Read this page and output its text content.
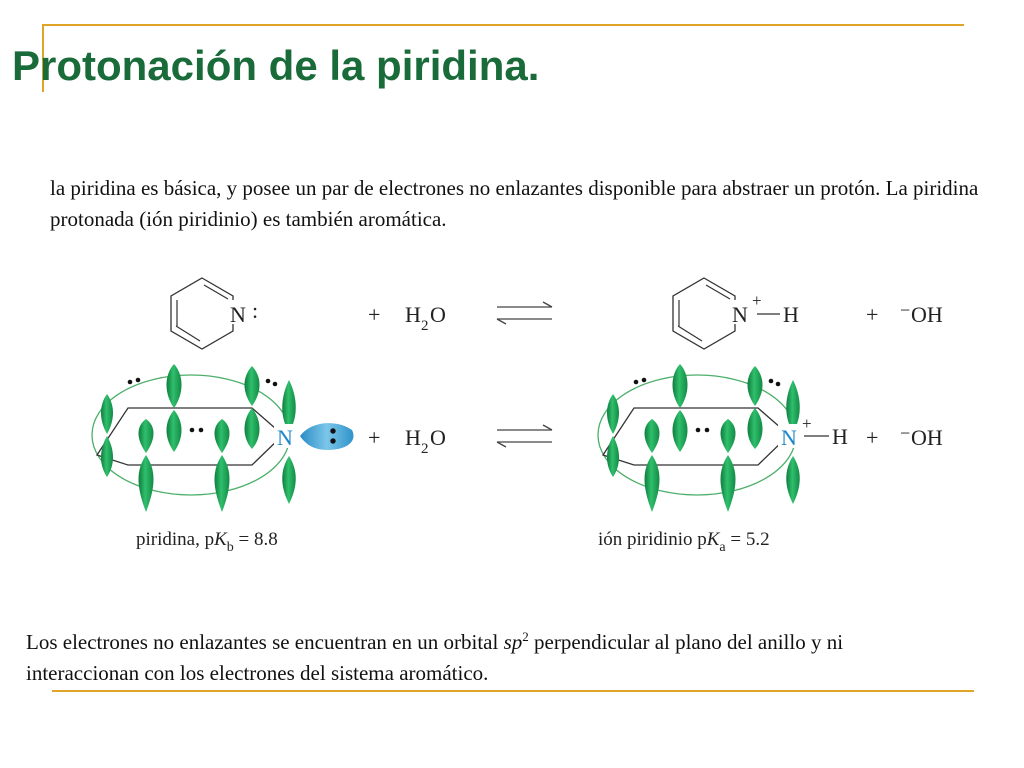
Protonación de la piridina.

la piridina es básica, y posee un par de electrones no enlazantes disponible para abstraer un protón. La piridina protonada (ión piridinio) es también aromática.

N :	+ H 2 O	N
+
H	+ − OH
N	+ H 2 O	N
+
H + − OH
piridina, $pK_b = 8.8$	ión piridinio $pK_a = 5.2$

Los electrones no enlazantes se encuentran en un orbital $sp^2$ perpendicular al plano del anillo y ni interaccionan con los electrones del sistema aromático.
